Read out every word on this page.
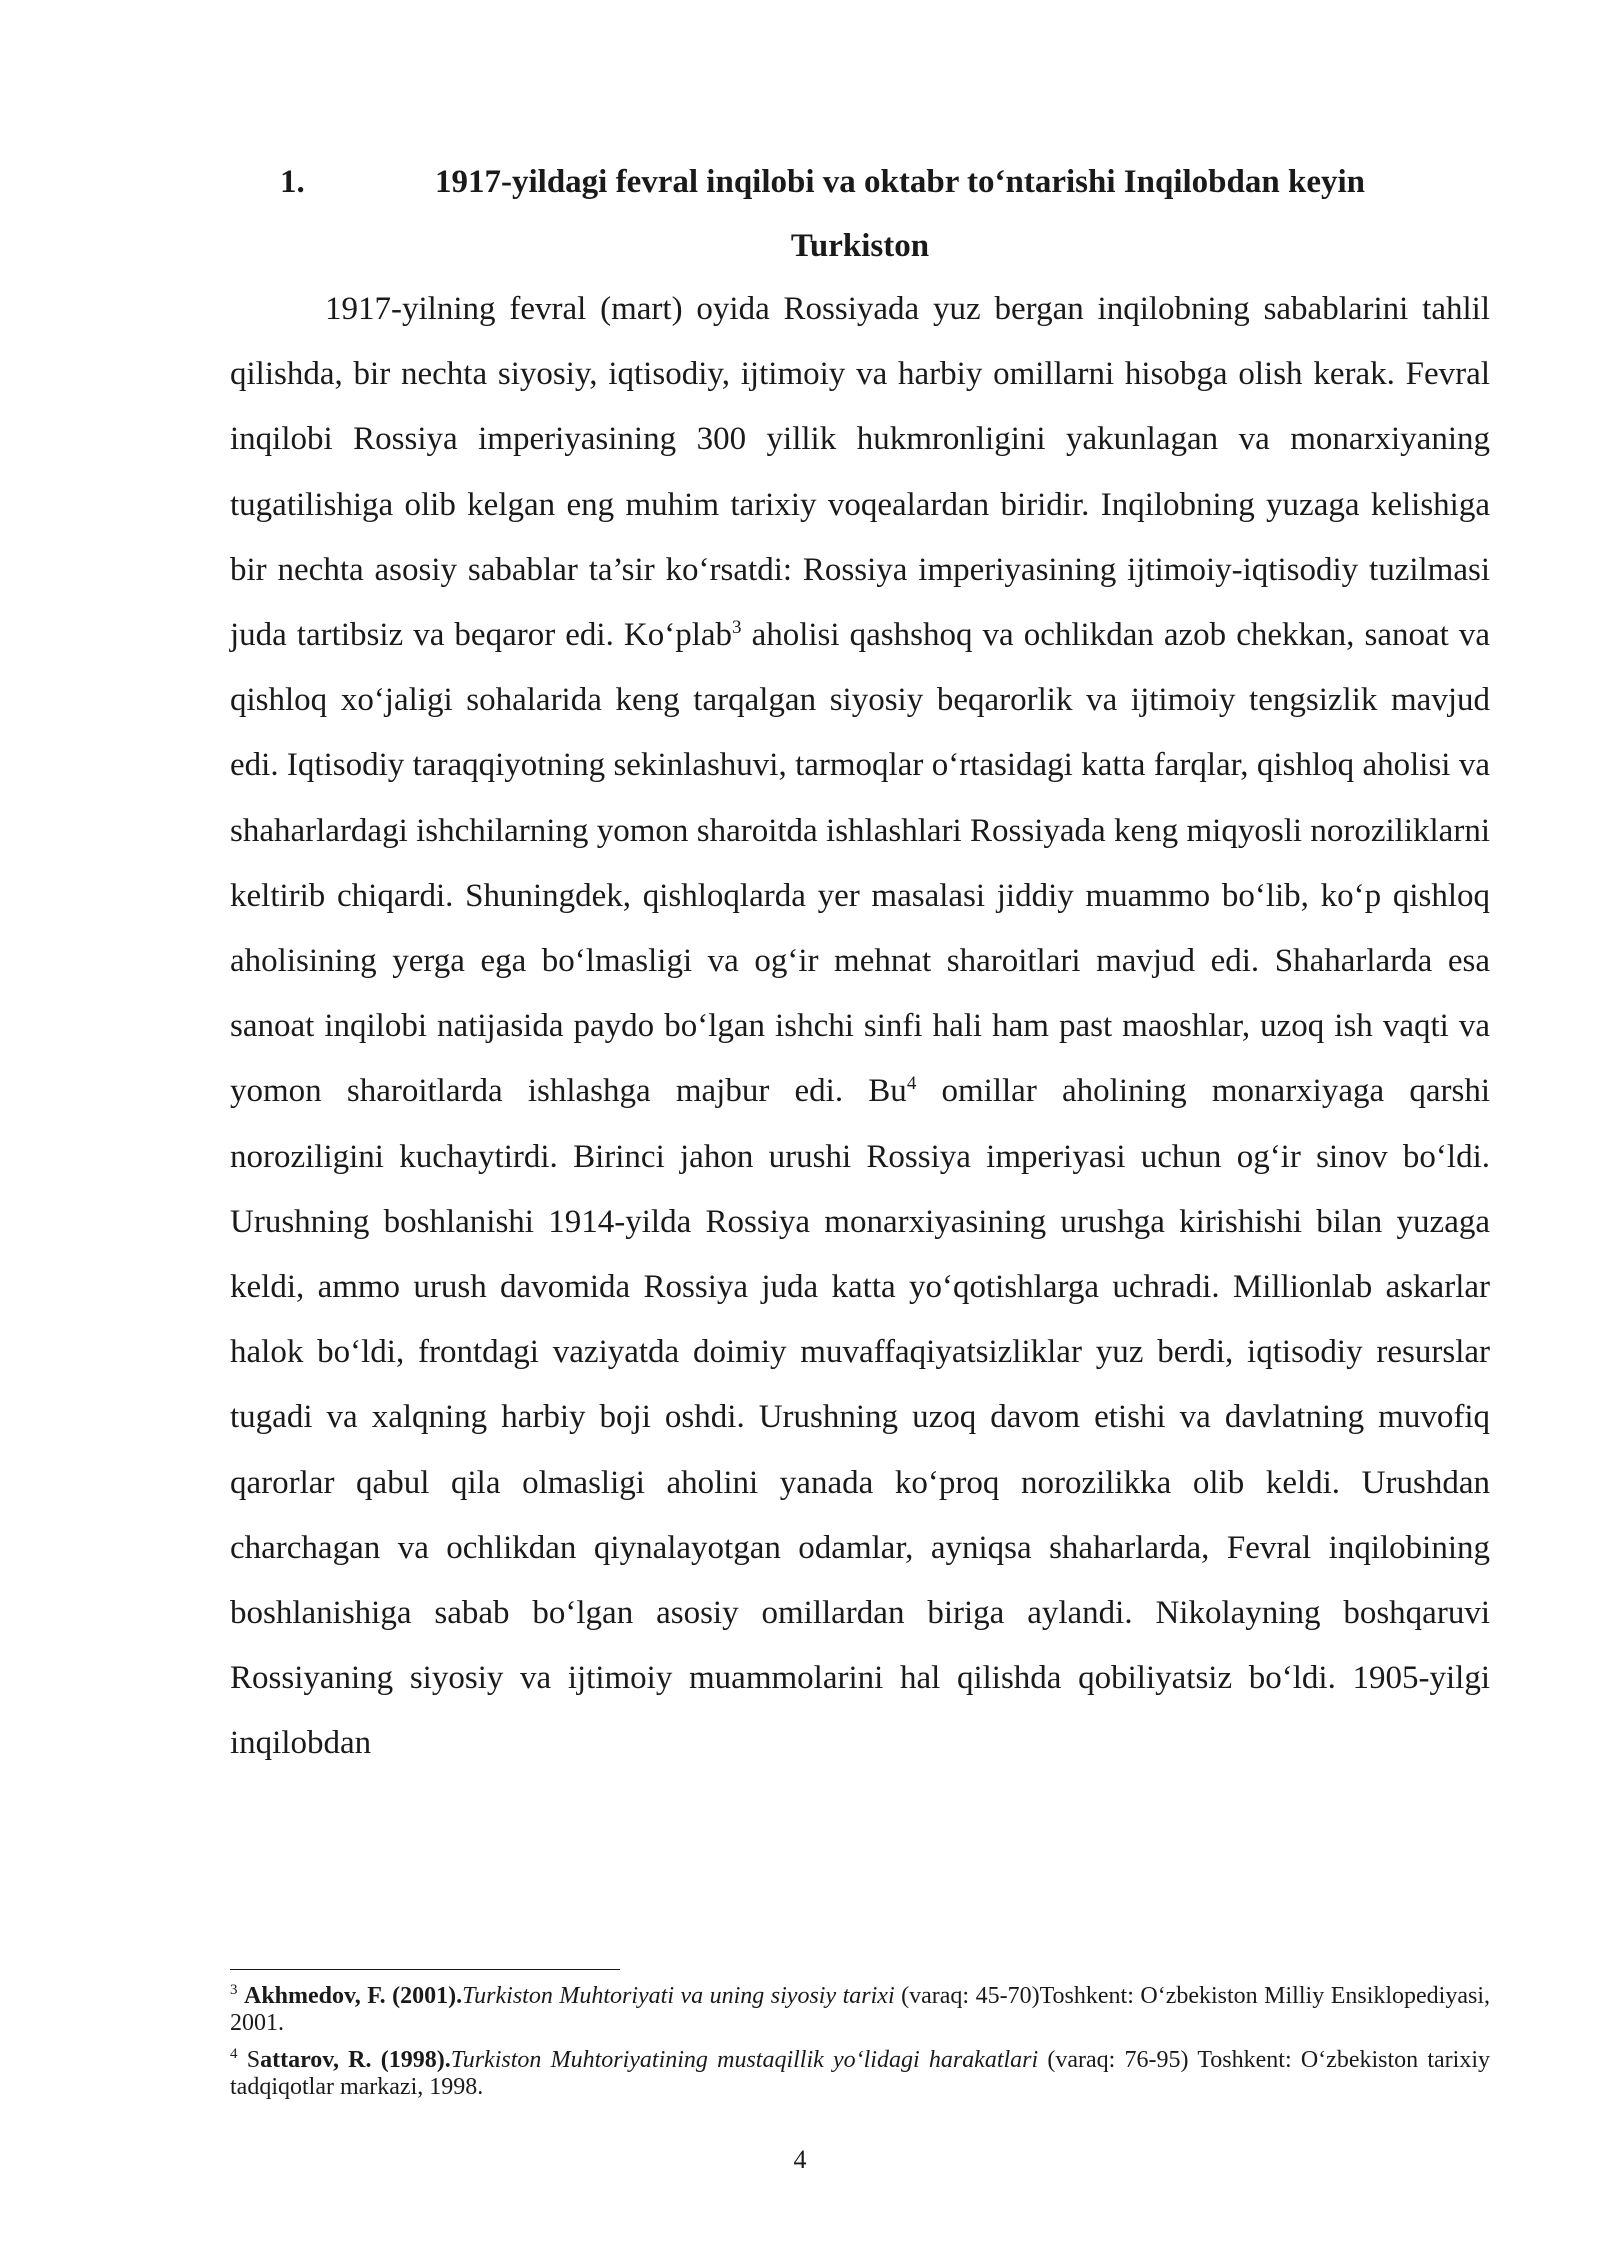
1.	1917-yildagi fevral inqilobi va oktabr to‘ntarishi Inqilobdan keyin
Turkiston

1917-yilning fevral (mart) oyida Rossiyada yuz bergan inqilobning sabablarini tahlil qilishda, bir nechta siyosiy, iqtisodiy, ijtimoiy va harbiy omillarni hisobga olish kerak. Fevral inqilobi Rossiya imperiyasining 300 yillik hukmronligini yakunlagan va monarxiyaning tugatilishiga olib kelgan eng muhim tarixiy voqealardan biridir. Inqilobning yuzaga kelishiga bir nechta asosiy sabablar ta’sir ko‘rsatdi: Rossiya imperiyasining ijtimoiy-iqtisodiy tuzilmasi juda tartibsiz va beqaror edi. Ko‘plab$^3$ aholisi qashshoq va ochlikdan azob chekkan, sanoat va qishloq xo‘jaligi sohalarida keng tarqalgan siyosiy beqarorlik va ijtimoiy tengsizlik mavjud edi. Iqtisodiy taraqqiyotning sekinlashuvi, tarmoqlar o‘rtasidagi katta farqlar, qishloq aholisi va shaharlardagi ishchilarning yomon sharoitda ishlashlari Rossiyada keng miqyosli noroziliklarni keltirib chiqardi. Shuningdek, qishloqlarda yer masalasi jiddiy muammo bo‘lib, ko‘p qishloq aholisining yerga ega bo‘lmasligi va og‘ir mehnat sharoitlari mavjud edi. Shaharlarda esa sanoat inqilobi natijasida paydo bo‘lgan ishchi sinfi hali ham past maoshlar, uzoq ish vaqti va yomon sharoitlarda ishlashga majbur edi. Bu$^4$ omillar aholining monarxiyaga qarshi noroziligini kuchaytirdi. Birinci jahon urushi Rossiya imperiyasi uchun og‘ir sinov bo‘ldi. Urushning boshlanishi 1914-yilda Rossiya monarxiyasining urushga kirishishi bilan yuzaga keldi, ammo urush davomida Rossiya juda katta yo‘qotishlarga uchradi. Millionlab askarlar halok bo‘ldi, frontdagi vaziyatda doimiy muvaffaqiyatsizliklar yuz berdi, iqtisodiy resurslar tugadi va xalqning harbiy boji oshdi. Urushning uzoq davom etishi va davlatning muvofiq qarorlar qabul qila olmasligi aholini yanada ko‘proq norozilikka olib keldi. Urushdan charchagan va ochlikdan qiynalayotgan odamlar, ayniqsa shaharlarda, Fevral inqilobining boshlanishiga sabab bo‘lgan asosiy omillardan biriga aylandi. Nikolayning boshqaruvi Rossiyaning siyosiy va ijtimoiy muammolarini hal qilishda qobiliyatsiz bo‘ldi. 1905-yilgi inqilobdan

$^3$ Akhmedov, F. (2001).Turkiston Muhtoriyati va uning siyosiy tarixi (varaq: 45-70)Toshkent: O‘zbekiston Milliy Ensiklopediyasi, 2001.

$^4$ Sattarov, R. (1998).Turkiston Muhtoriyatining mustaqillik yo‘lidagi harakatlari (varaq: 76-95) Toshkent: O‘zbekiston tarixiy tadqiqotlar markazi, 1998.

4
